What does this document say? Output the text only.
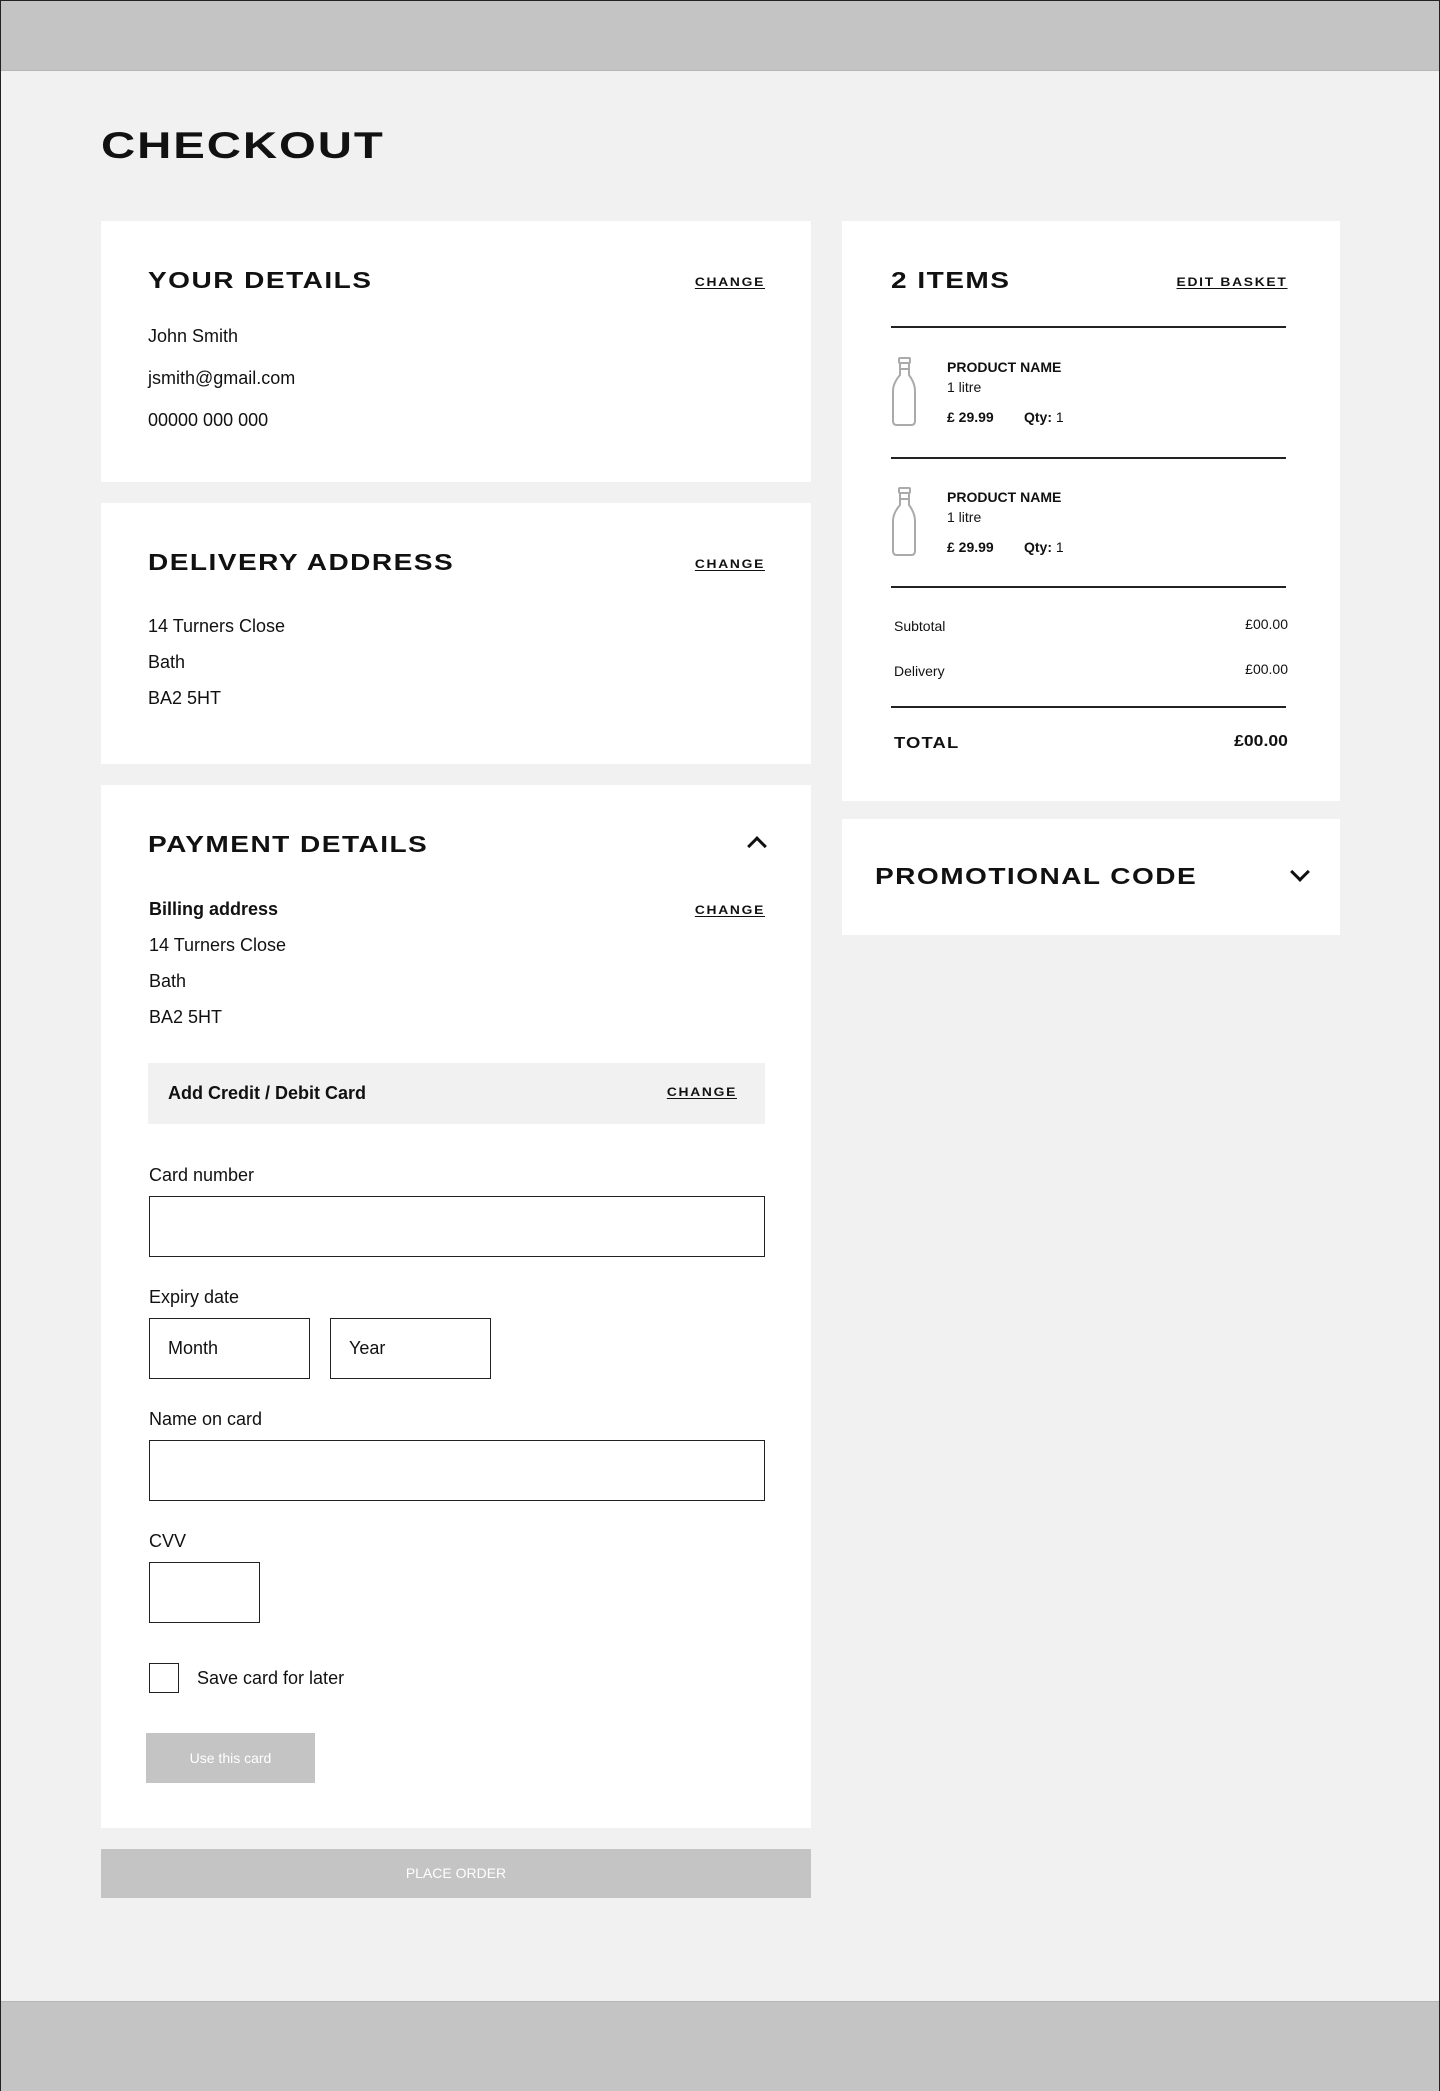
CHECKOUT
YOUR DETAILS	CHANGE
John Smith
jsmith@gmail.com
00000 000 000
DELIVERY ADDRESS	CHANGE
14 Turners Close
Bath
BA2 5HT
PAYMENT DETAILS
Billing address	CHANGE
14 Turners Close
Bath
BA2 5HT
Add Credit / Debit Card	CHANGE
Card number
Expiry date
Month
Year
Name on card
CVV
Save card for later
Use this card
PLACE ORDER
2 ITEMS	EDIT BASKET
PRODUCT NAME
1 litre
£ 29.99 Qty: 1
PRODUCT NAME
1 litre
£ 29.99 Qty: 1
Subtotal	£00.00
Delivery	£00.00
TOTAL	£00.00
PROMOTIONAL CODE
